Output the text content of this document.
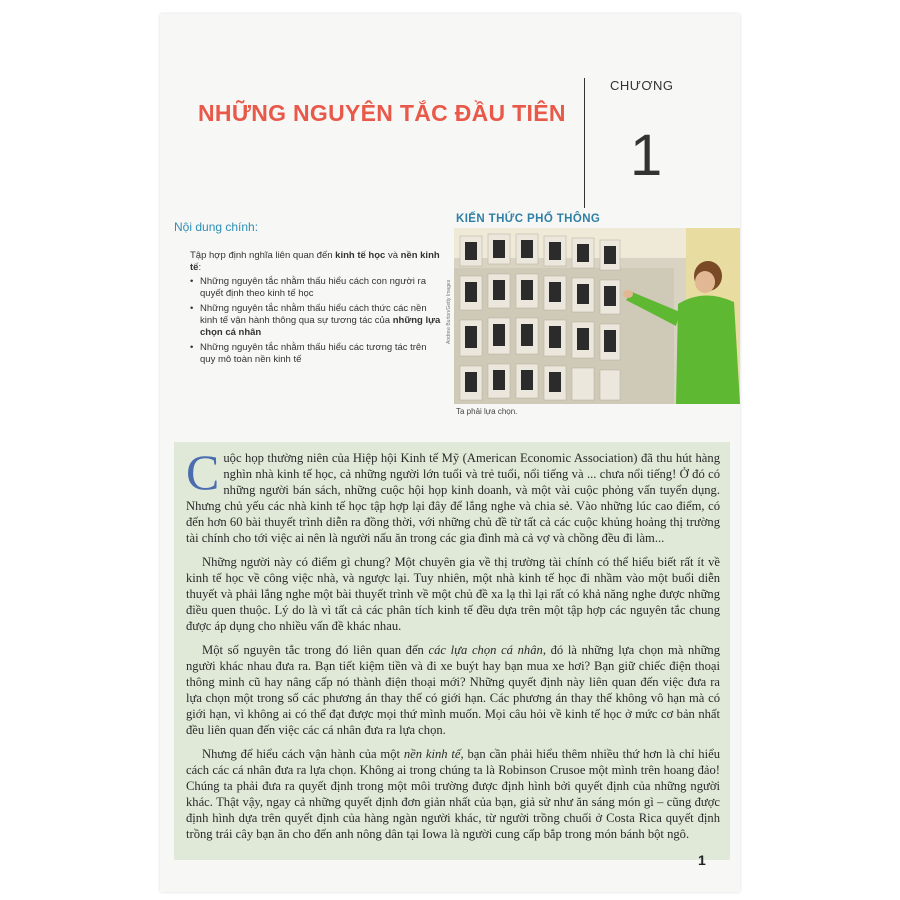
NHỮNG NGUYÊN TẮC ĐẦU TIÊN
CHƯƠNG
1
Nội dung chính:

Tập hợp định nghĩa liên quan đến kinh tế học và nền kinh tế:

• Những nguyên tắc nhằm thấu hiểu cách con người ra quyết định theo kinh tế học
• Những nguyên tắc nhằm thấu hiểu cách thức các nền kinh tế vận hành thông qua sự tương tác của những lựa chọn cá nhân
• Những nguyên tắc nhằm thấu hiểu các tương tác trên quy mô toàn nền kinh tế
KIẾN THỨC PHỔ THÔNG
Andrew Burton/Getty Images
Ta phải lựa chọn.

Cuộc họp thường niên của Hiệp hội Kinh tế Mỹ (American Economic Association) đã thu hút hàng nghìn nhà kinh tế học, cả những người lớn tuổi và trẻ tuổi, nổi tiếng và ... chưa nổi tiếng! Ở đó có những người bán sách, những cuộc hội họp kinh doanh, và một vài cuộc phỏng vấn tuyển dụng. Nhưng chủ yếu các nhà kinh tế học tập hợp lại đây để lắng nghe và chia sẻ. Vào những lúc cao điểm, có đến hơn 60 bài thuyết trình diễn ra đồng thời, với những chủ đề từ tất cả các cuộc khủng hoảng thị trường tài chính cho tới việc ai nên là người nấu ăn trong các gia đình mà cả vợ và chồng đều đi làm...

Những người này có điểm gì chung? Một chuyên gia về thị trường tài chính có thể hiểu biết rất ít về kinh tế học về công việc nhà, và ngược lại. Tuy nhiên, một nhà kinh tế học đi nhầm vào một buổi diễn thuyết và phải lắng nghe một bài thuyết trình về một chủ đề xa lạ thì lại rất có khả năng nghe được những điều quen thuộc. Lý do là vì tất cả các phân tích kinh tế đều dựa trên một tập hợp các nguyên tắc chung được áp dụng cho nhiều vấn đề khác nhau.

Một số nguyên tắc trong đó liên quan đến các lựa chọn cá nhân, đó là những lựa chọn mà những người khác nhau đưa ra. Bạn tiết kiệm tiền và đi xe buýt hay bạn mua xe hơi? Bạn giữ chiếc điện thoại thông minh cũ hay nâng cấp nó thành điện thoại mới? Những quyết định này liên quan đến việc đưa ra lựa chọn một trong số các phương án thay thế có giới hạn. Các phương án thay thế không vô hạn mà có giới hạn, vì không ai có thể đạt được mọi thứ mình muốn. Mọi câu hỏi về kinh tế học ở mức cơ bản nhất đều liên quan đến việc các cá nhân đưa ra lựa chọn.

Nhưng để hiểu cách vận hành của một nền kinh tế, bạn cần phải hiểu thêm nhiều thứ hơn là chỉ hiểu cách các cá nhân đưa ra lựa chọn. Không ai trong chúng ta là Robinson Crusoe một mình trên hoang đảo! Chúng ta phải đưa ra quyết định trong một môi trường được định hình bởi quyết định của những người khác. Thật vậy, ngay cả những quyết định đơn giản nhất của bạn, giả sử như ăn sáng món gì – cũng được định hình dựa trên quyết định của hàng ngàn người khác, từ người trồng chuối ở Costa Rica quyết định trồng trái cây bạn ăn cho đến anh nông dân tại Iowa là người cung cấp bắp trong món bánh bột ngô.

1
